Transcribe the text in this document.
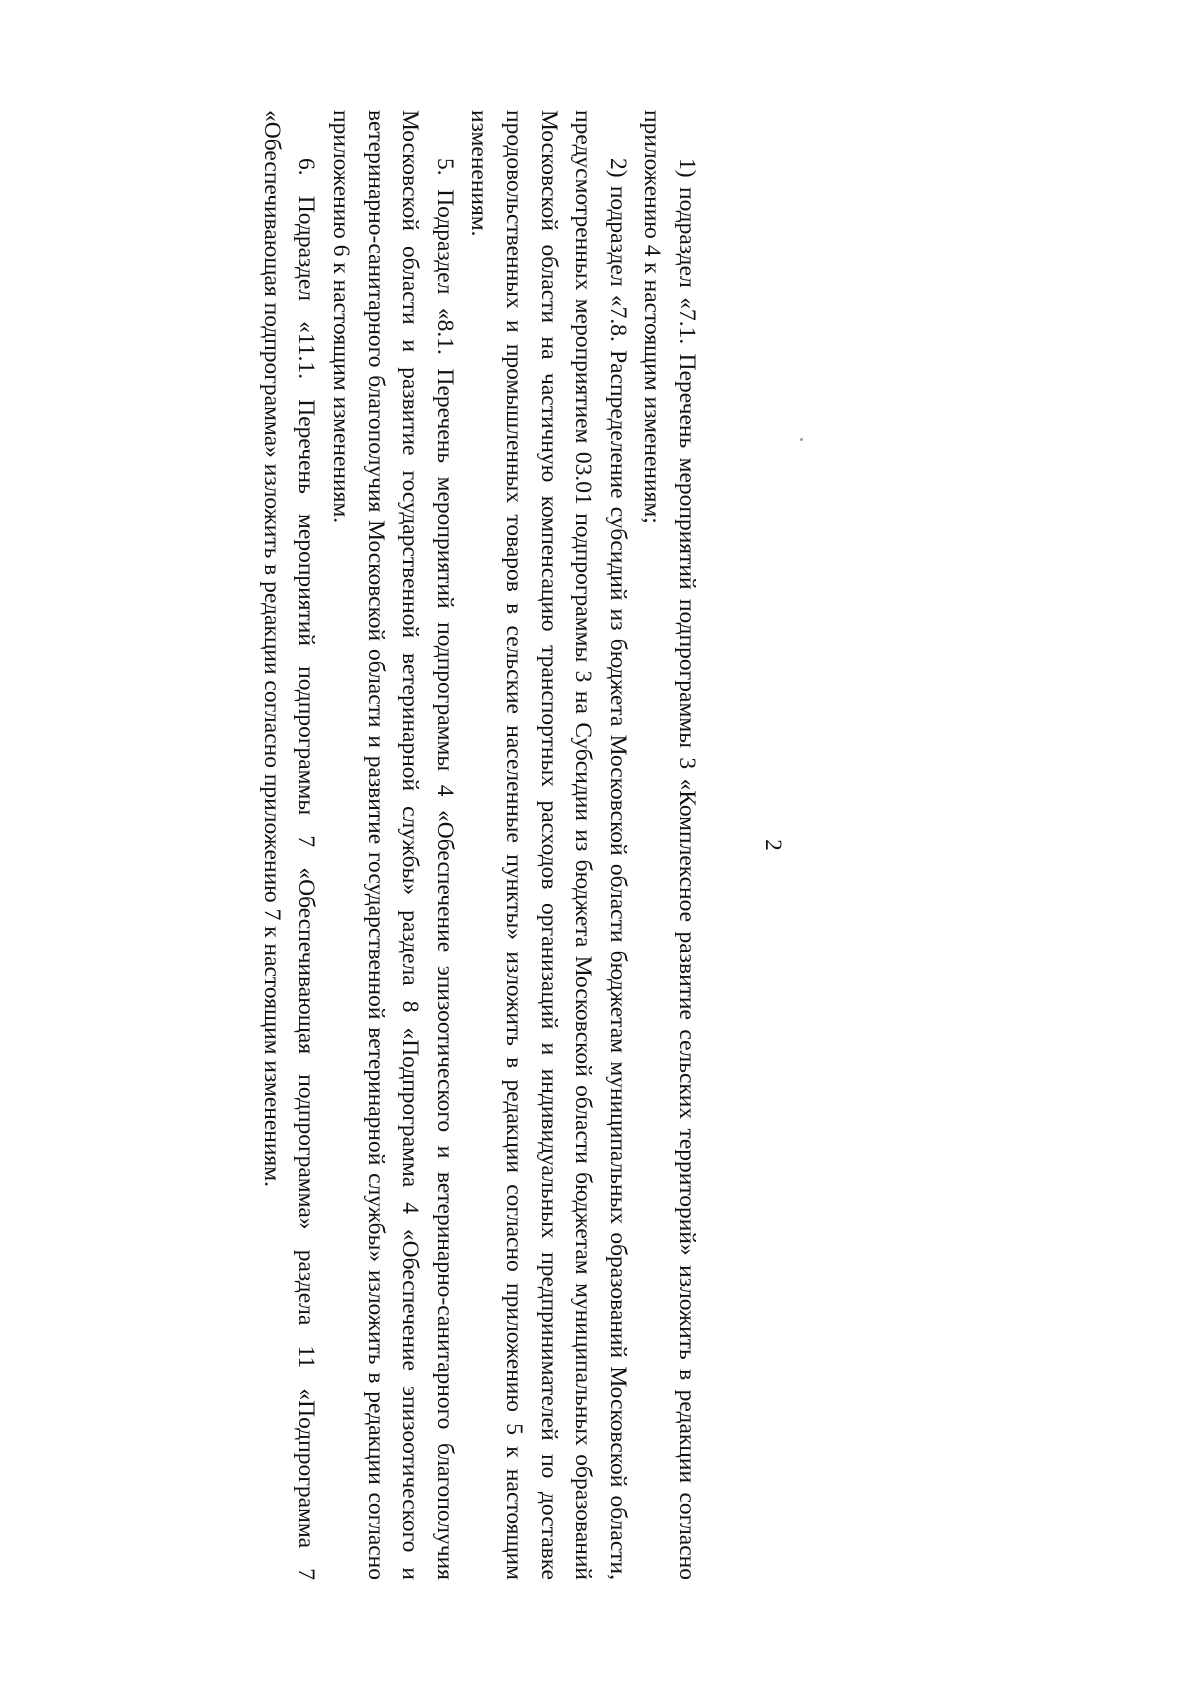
2

1) подраздел «7.1. Перечень мероприятий подпрограммы 3 «Комплексное развитие сельских территорий» изложить в редакции согласно приложению 4 к настоящим изменениям;

2) подраздел «7.8. Распределение субсидий из бюджета Московской области бюджетам муниципальных образований Московской области, предусмотренных мероприятием 03.01 подпрограммы 3 на Субсидии из бюджета Московской области бюджетам муниципальных образований Московской области на частичную компенсацию транспортных расходов организаций и индивидуальных предпринимателей по доставке продовольственных и промышленных товаров в сельские населенные пункты» изложить в редакции согласно приложению 5 к настоящим изменениям.

5. Подраздел «8.1. Перечень мероприятий подпрограммы 4 «Обеспечение эпизоотического и ветеринарно-санитарного благополучия Московской области и развитие государственной ветеринарной службы» раздела 8 «Подпрограмма 4 «Обеспечение эпизоотического и ветеринарно-санитарного благополучия Московской области и развитие государственной ветеринарной службы» изложить в редакции согласно приложению 6 к настоящим изменениям.

6. Подраздел «11.1. Перечень мероприятий подпрограммы 7 «Обеспечивающая подпрограмма» раздела 11 «Подпрограмма 7 «Обеспечивающая подпрограмма» изложить в редакции согласно приложению 7 к настоящим изменениям.
